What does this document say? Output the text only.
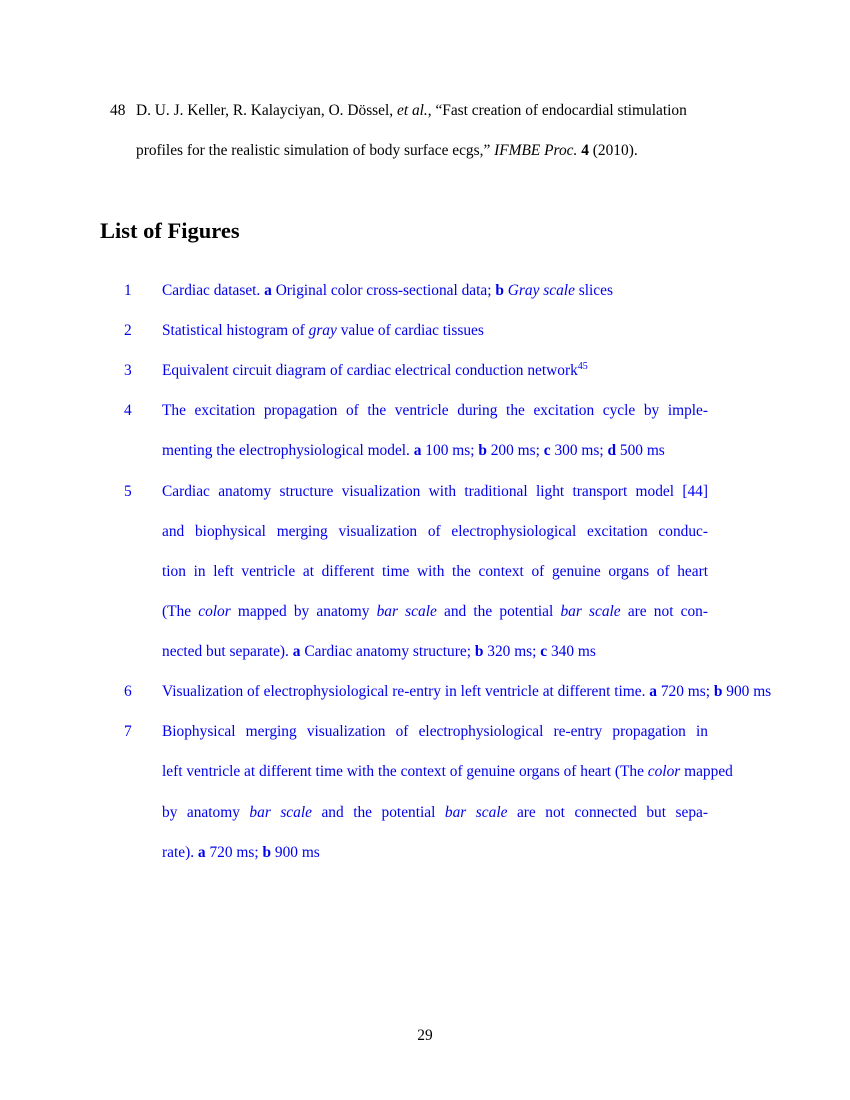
48 D. U. J. Keller, R. Kalayciyan, O. Dössel, et al., “Fast creation of endocardial stimulation
profiles for the realistic simulation of body surface ecgs,” IFMBE Proc. 4 (2010).
List of Figures
1 Cardiac dataset. a Original color cross-sectional data; b Gray scale slices
2 Statistical histogram of gray value of cardiac tissues
3 Equivalent circuit diagram of cardiac electrical conduction network$^{45}$
4 The excitation propagation of the ventricle during the excitation cycle by imple-
menting the electrophysiological model. a 100 ms; b 200 ms; c 300 ms; d 500 ms
5 Cardiac anatomy structure visualization with traditional light transport model [44]
and biophysical merging visualization of electrophysiological excitation conduc-
tion in left ventricle at different time with the context of genuine organs of heart
(The color mapped by anatomy bar scale and the potential bar scale are not con-
nected but separate). a Cardiac anatomy structure; b 320 ms; c 340 ms
6 Visualization of electrophysiological re-entry in left ventricle at different time. a 720 ms; b 900 ms
7 Biophysical merging visualization of electrophysiological re-entry propagation in
left ventricle at different time with the context of genuine organs of heart (The color mapped
by anatomy bar scale and the potential bar scale are not connected but sepa-
rate). a 720 ms; b 900 ms
29
